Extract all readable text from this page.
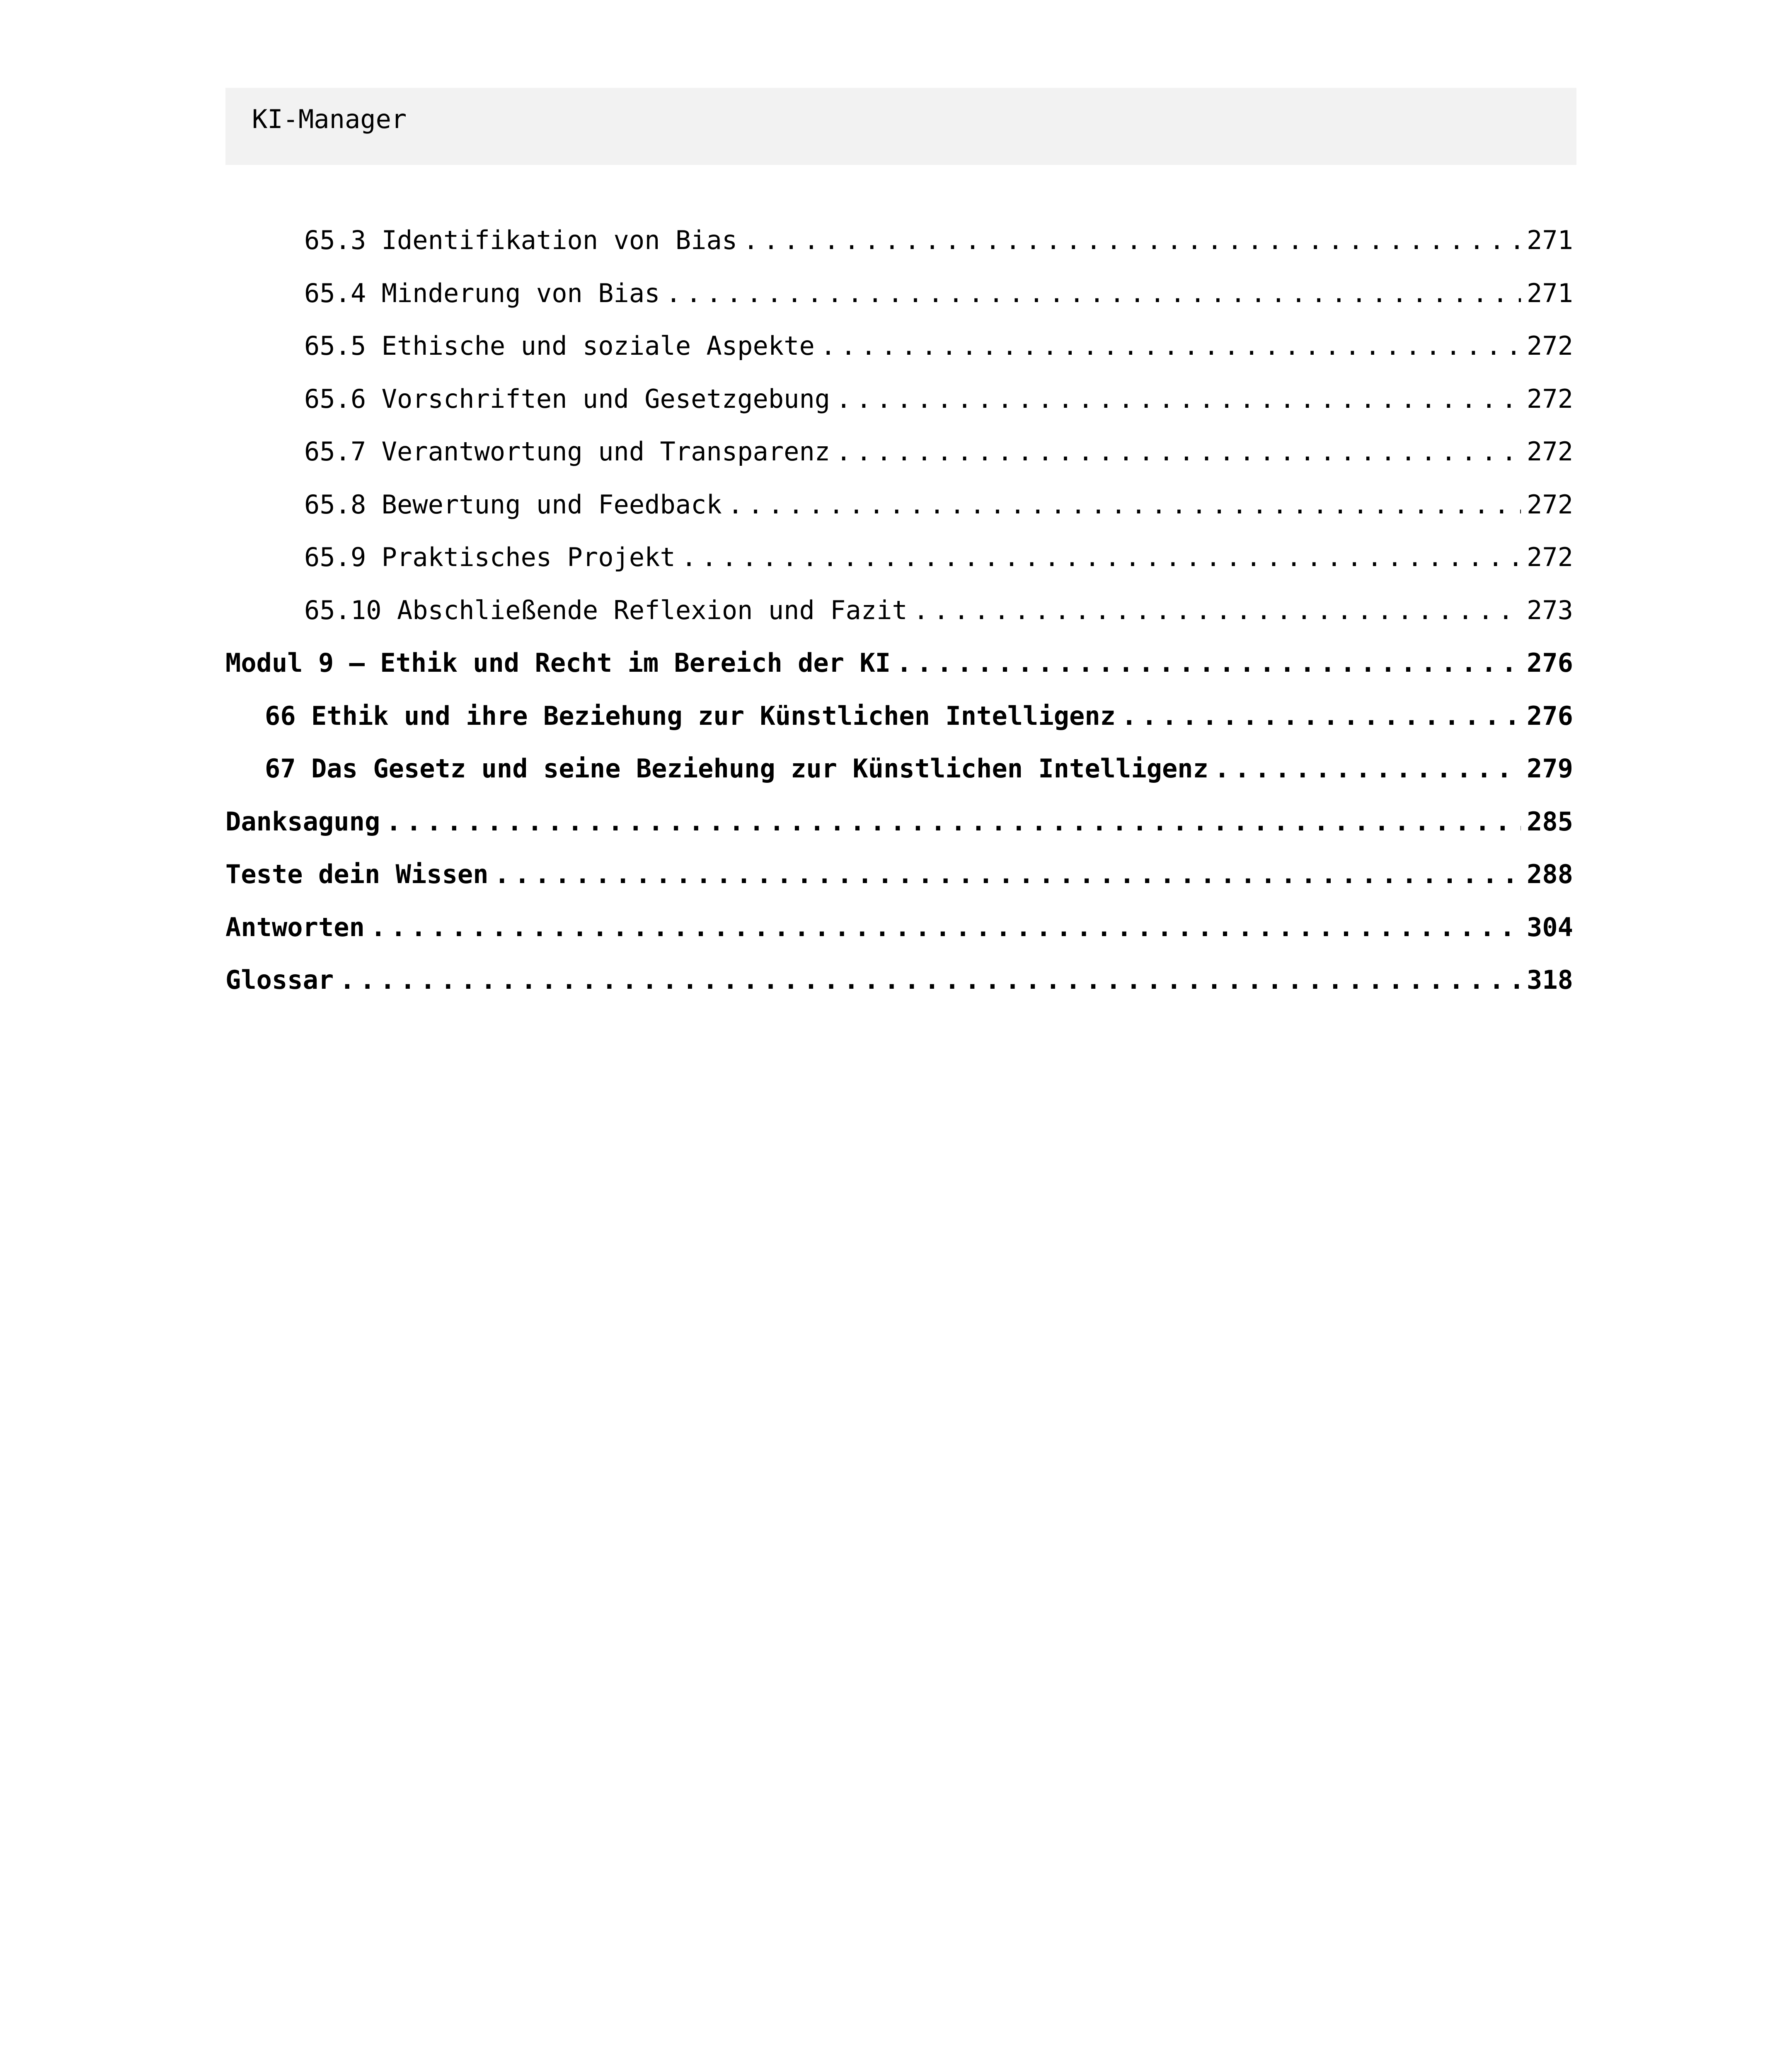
KI-Manager
65.3 Identifikation von Bias . . .	271
65.4 Minderung von Bias . . .	271
65.5 Ethische und soziale Aspekte . . .	272
65.6 Vorschriften und Gesetzgebung . . .	272
65.7 Verantwortung und Transparenz . . .	272
65.8 Bewertung und Feedback . . .	272
65.9 Praktisches Projekt . . .	272
65.10 Abschließende Reflexion und Fazit . . .	273
Modul 9 – Ethik und Recht im Bereich der KI . . .	276
66 Ethik und ihre Beziehung zur Künstlichen Intelligenz . . .	276
67 Das Gesetz und seine Beziehung zur Künstlichen Intelligenz . . .	279
Danksagung . . .	285
Teste dein Wissen . . .	288
Antworten . . .	304
Glossar . . .	318
